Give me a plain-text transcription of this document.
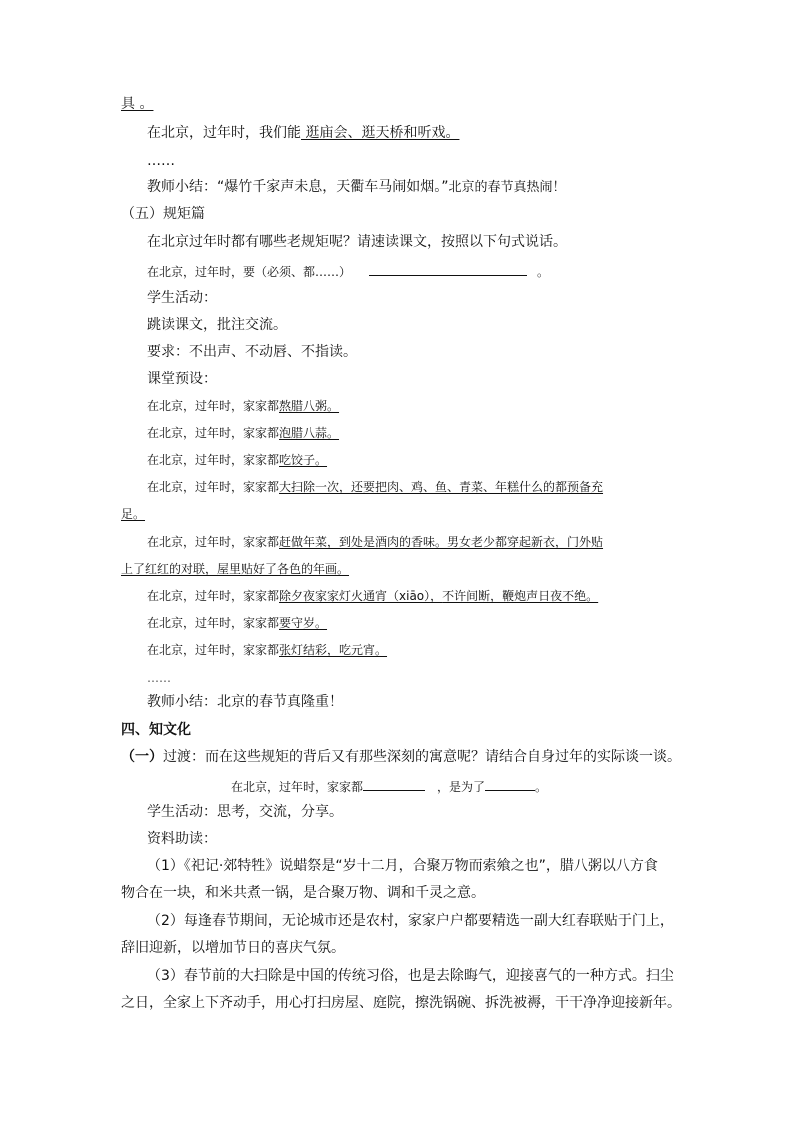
具 。
在北京，过年时，我们能 逛庙会、逛天桥和听戏。
……
教师小结：“爆竹千家声未息，天衢车马闹如烟。”北京的春节真热闹！
（五）规矩篇
在北京过年时都有哪些老规矩呢？请速读课文，按照以下句式说话。
在北京，过年时，要（必须、都……）	。
学生活动：
跳读课文，批注交流。
要求：不出声、不动唇、不指读。
课堂预设：
在北京，过年时，家家都熬腊八粥。
在北京，过年时，家家都泡腊八蒜。
在北京，过年时，家家都吃饺子。
在北京，过年时，家家都大扫除一次，还要把肉、鸡、鱼、青菜、年糕什么的都预备充
足。
在北京，过年时，家家都赶做年菜，到处是酒肉的香味。男女老少都穿起新衣，门外贴
上了红红的对联，屋里贴好了各色的年画。
在北京，过年时，家家都除夕夜家家灯火通宵（xiāo），不许间断，鞭炮声日夜不绝。
在北京，过年时，家家都要守岁。
在北京，过年时，家家都张灯结彩，吃元宵。
……
教师小结：北京的春节真隆重！
四、知文化
（一）过渡：而在这些规矩的背后又有那些深刻的寓意呢？请结合自身过年的实际谈一谈。
在北京，过年时，家家都	，是为了	。
学生活动：思考，交流，分享。
资料助读：
（1）《祀记·郊特牲》说蜡祭是“岁十二月，合聚万物而索飨之也”，腊八粥以八方食
物合在一块，和米共煮一锅，是合聚万物、调和千灵之意。
（2）每逢春节期间，无论城市还是农村，家家户户都要精选一副大红春联贴于门上，
辞旧迎新，以增加节日的喜庆气氛。
（3）春节前的大扫除是中国的传统习俗，也是去除晦气，迎接喜气的一种方式。扫尘
之日，全家上下齐动手，用心打扫房屋、庭院，擦洗锅碗、拆洗被褥，干干净净迎接新年。
